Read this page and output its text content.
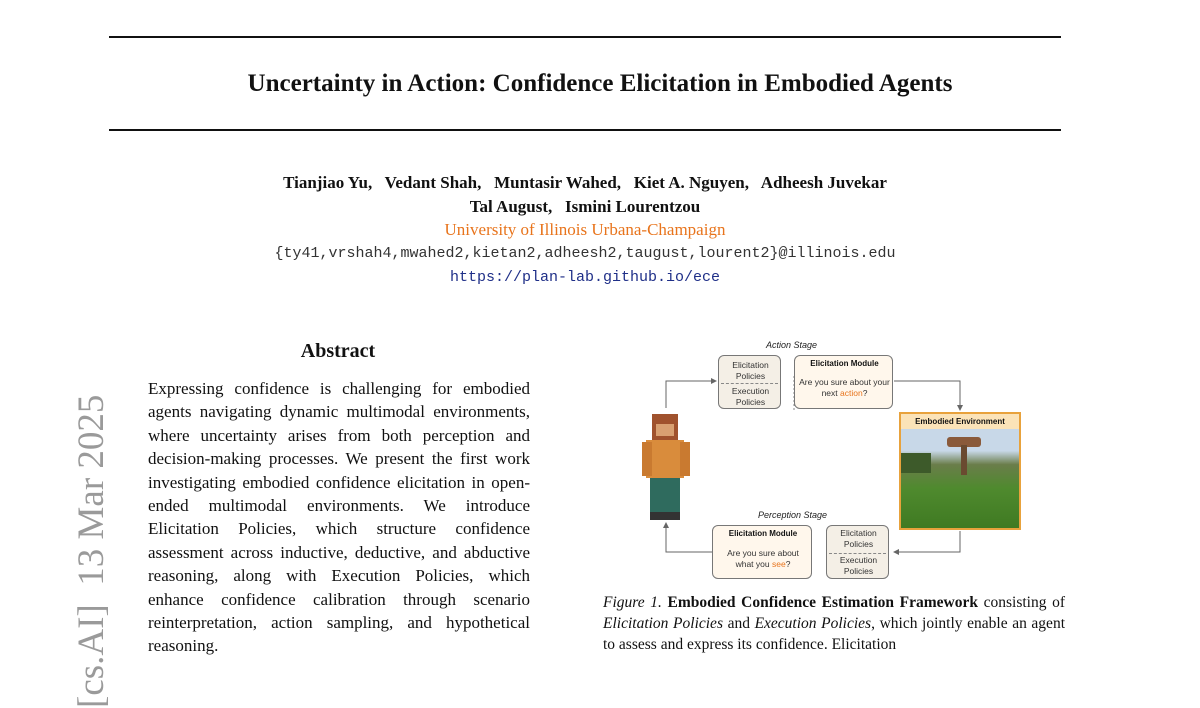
Uncertainty in Action: Confidence Elicitation in Embodied Agents
Tianjiao Yu,   Vedant Shah,   Muntasir Wahed,   Kiet A. Nguyen,   Adheesh Juvekar
Tal August,   Ismini Lourentzou
University of Illinois Urbana-Champaign
{ty41,vrshah4,mwahed2,kietan2,adheesh2,taugust,lourent2}@illinois.edu
https://plan-lab.github.io/ece
[cs.AI]  13 Mar 2025
Abstract
Expressing confidence is challenging for embodied agents navigating dynamic multimodal environments, where uncertainty arises from both perception and decision-making processes. We present the first work investigating embodied confidence elicitation in open-ended multimodal environments. We introduce Elicitation Policies, which structure confidence assessment across inductive, deductive, and abductive reasoning, along with Execution Policies, which enhance confidence calibration through scenario reinterpretation, action sampling, and hypothetical reasoning.
Action Stage
Elicitation Policies
Execution Policies
Elicitation Module
Are you sure about your next action?
Embodied Environment
Perception Stage
Elicitation Module
Are you sure about what you see?
Elicitation Policies
Execution Policies
Figure 1. Embodied Confidence Estimation Framework consisting of Elicitation Policies and Execution Policies, which jointly enable an agent to assess and express its confidence. Elicitation
